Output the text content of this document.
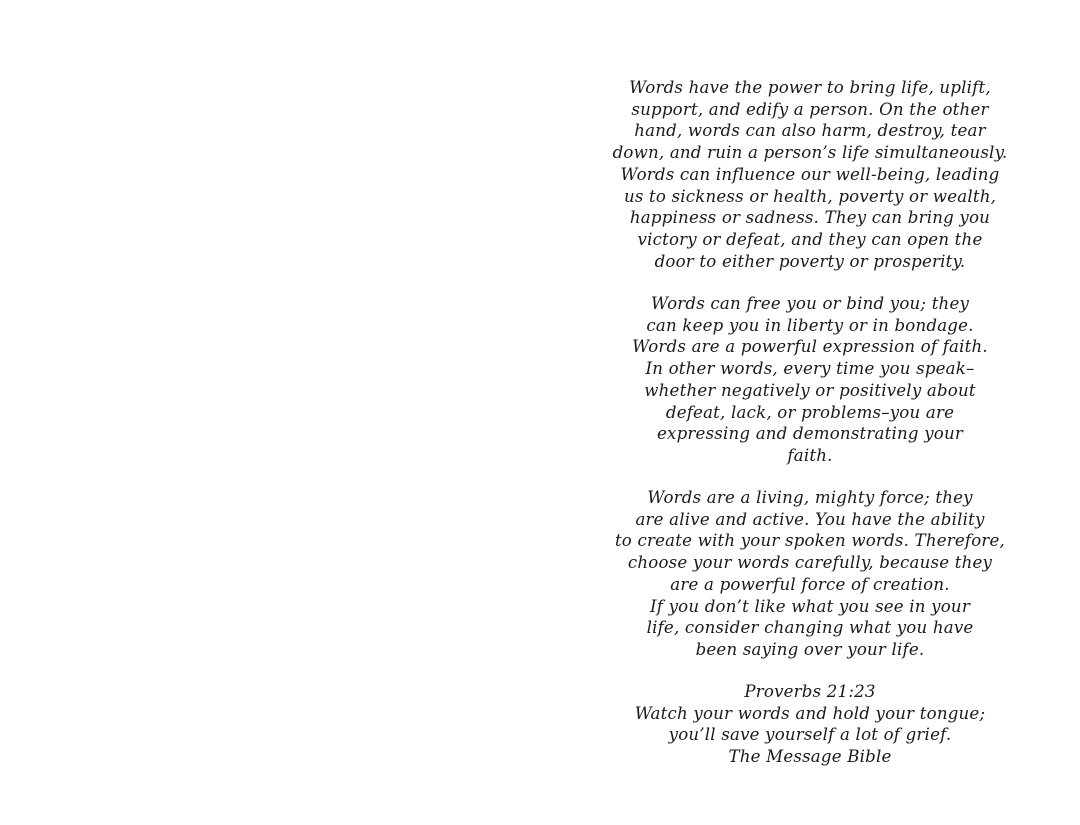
Words have the power to bring life, uplift,
support, and edify a person. On the other
hand, words can also harm, destroy, tear
down, and ruin a person’s life simultaneously.
Words can influence our well-being, leading
us to sickness or health, poverty or wealth,
happiness or sadness. They can bring you
victory or defeat, and they can open the
door to either poverty or prosperity.
Words can free you or bind you; they
can keep you in liberty or in bondage.
Words are a powerful expression of faith.
In other words, every time you speak–
whether negatively or positively about
defeat, lack, or problems–you are
expressing and demonstrating your
faith.
Words are a living, mighty force; they
are alive and active. You have the ability
to create with your spoken words. Therefore,
choose your words carefully, because they
are a powerful force of creation.
If you don’t like what you see in your
life, consider changing what you have
been saying over your life.
Proverbs 21:23
Watch your words and hold your tongue;
you’ll save yourself a lot of grief.
The Message Bible
